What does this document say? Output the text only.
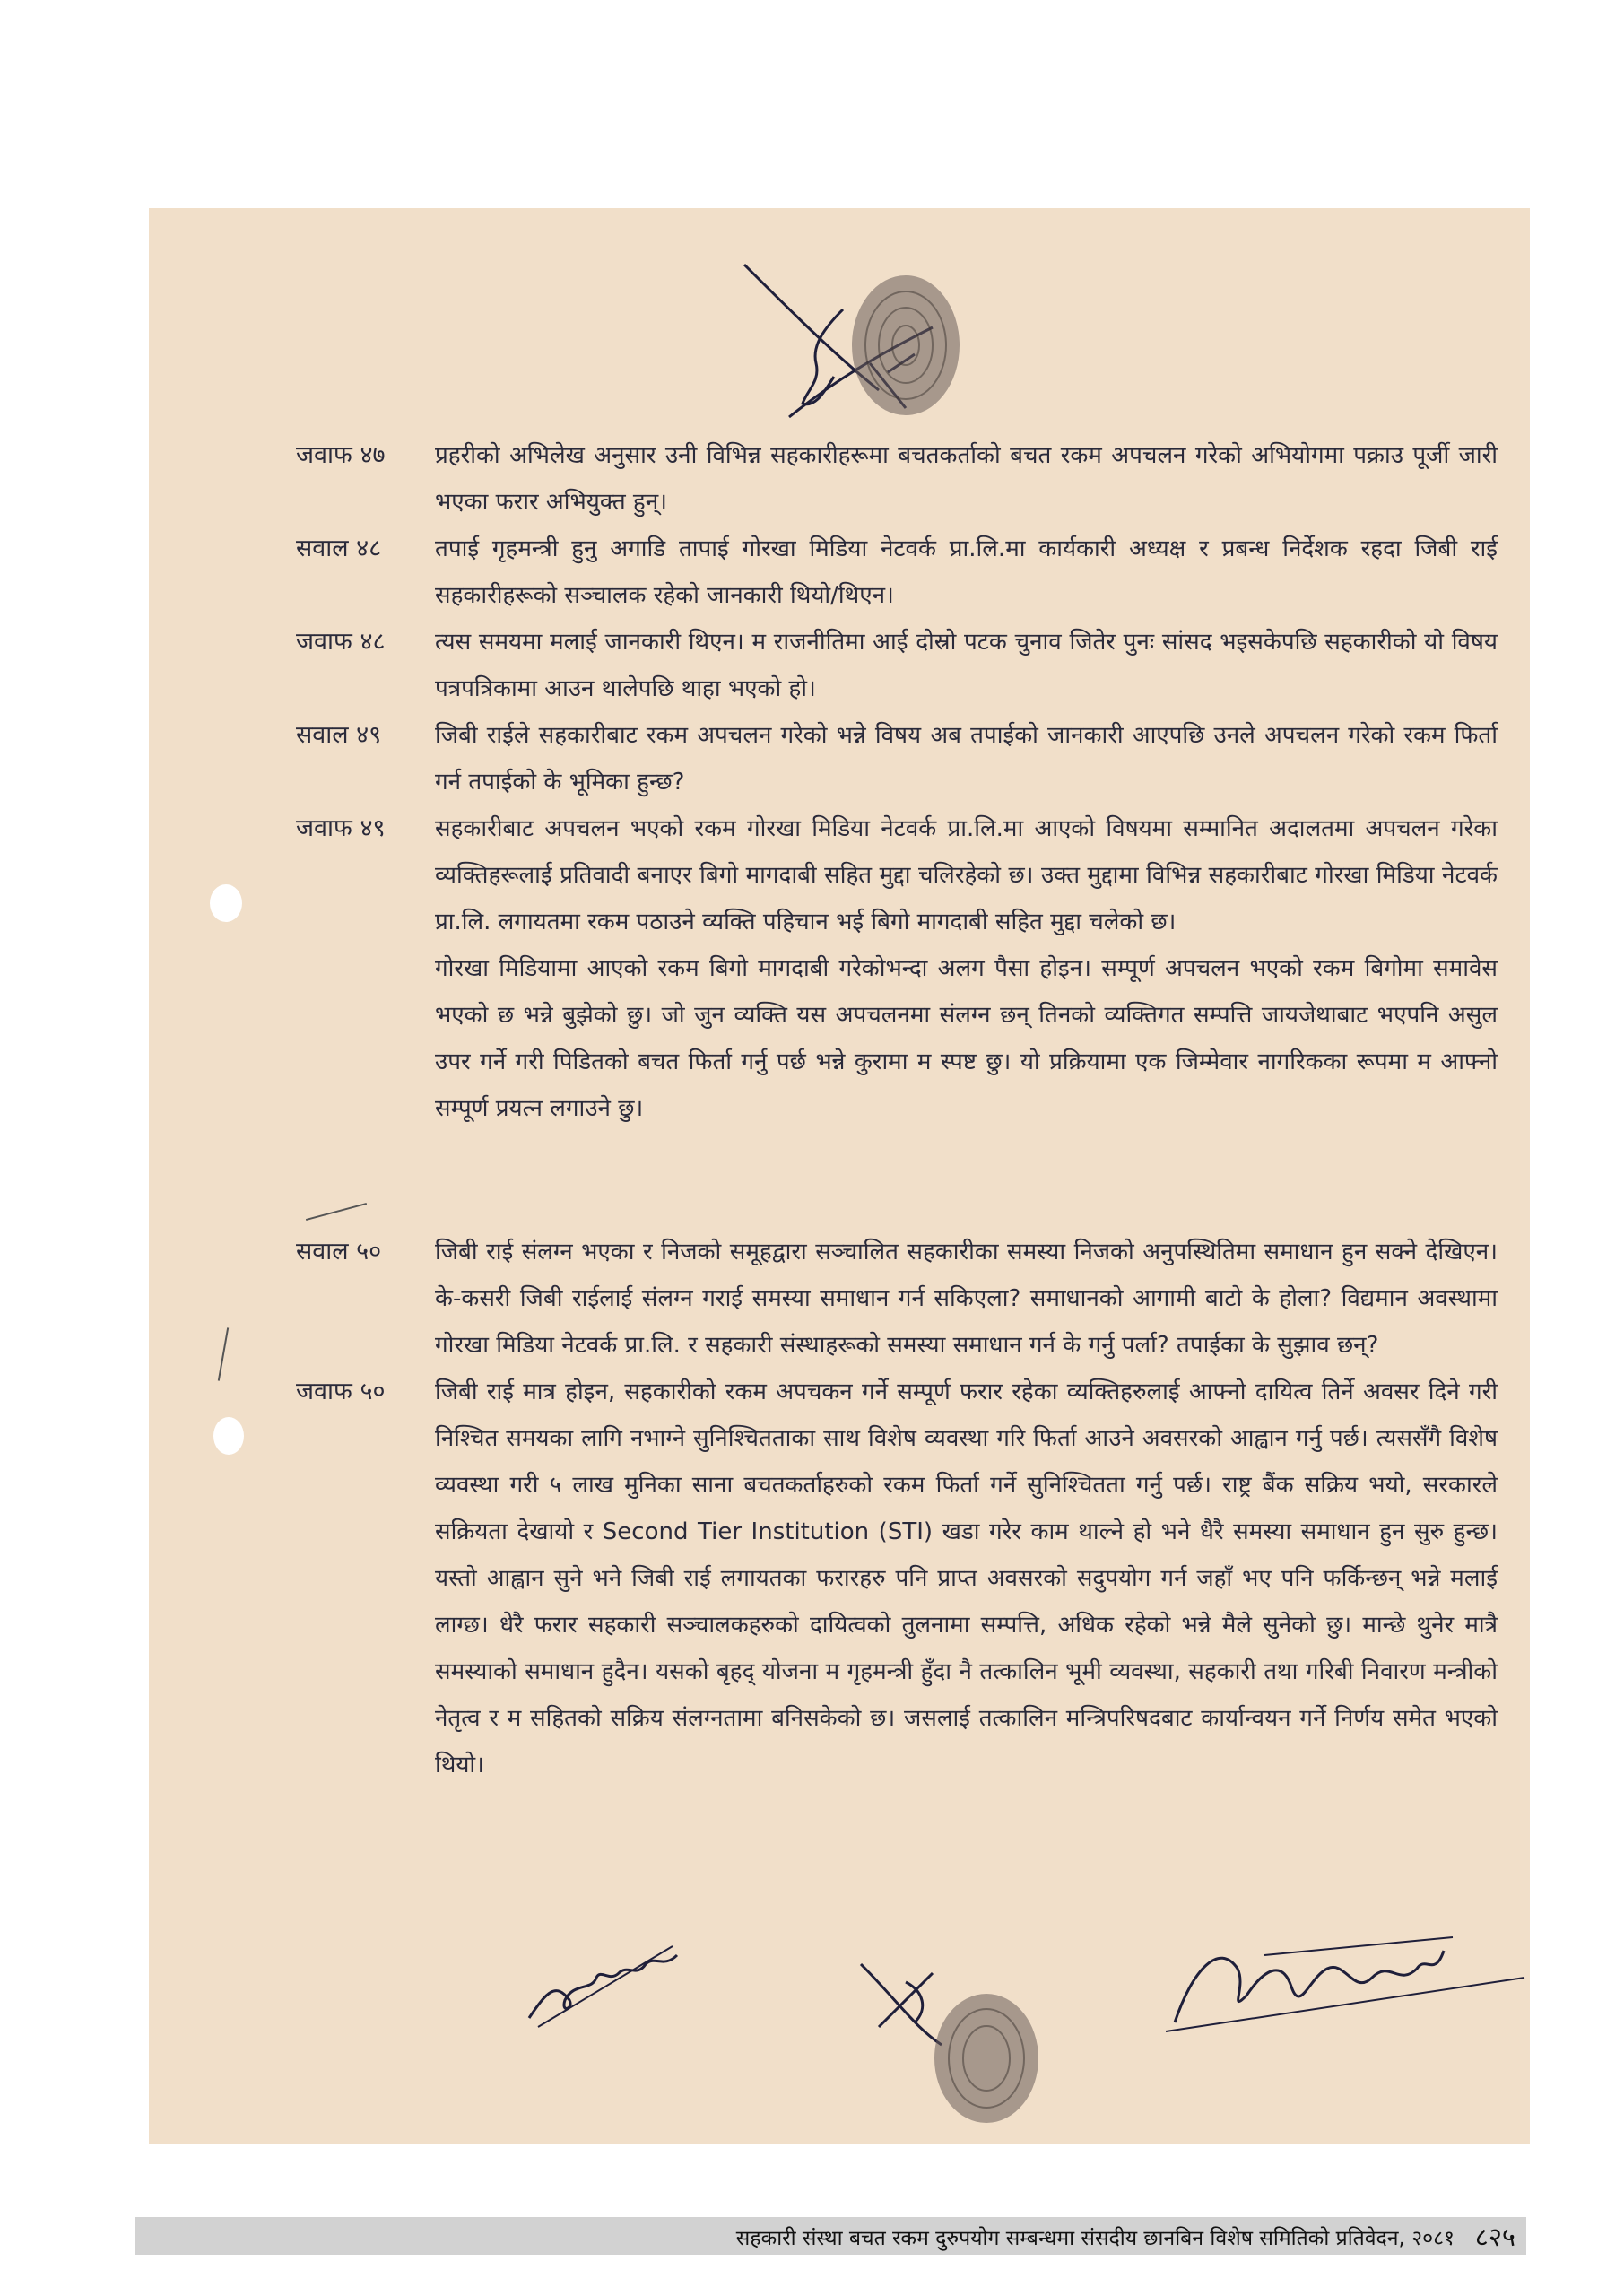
जवाफ ४७	प्रहरीको अभिलेख अनुसार उनी विभिन्न सहकारीहरूमा बचतकर्ताको बचत रकम अपचलन गरेको अभियोगमा पक्राउ पूर्जी जारी भएका फरार अभियुक्त हुन्।
सवाल ४८	तपाई गृहमन्त्री हुनु अगाडि तापाई गोरखा मिडिया नेटवर्क प्रा.लि.मा कार्यकारी अध्यक्ष र प्रबन्ध निर्देशक रहदा जिबी राई सहकारीहरूको सञ्चालक रहेको जानकारी थियो/थिएन।
जवाफ ४८	त्यस समयमा मलाई जानकारी थिएन। म राजनीतिमा आई दोस्रो पटक चुनाव जितेर पुनः सांसद भइसकेपछि सहकारीको यो विषय पत्रपत्रिकामा आउन थालेपछि थाहा भएको हो।
सवाल ४९	जिबी राईले सहकारीबाट रकम अपचलन गरेको भन्ने विषय अब तपाईको जानकारी आएपछि उनले अपचलन गरेको रकम फिर्ता गर्न तपाईको के भूमिका हुन्छ?
जवाफ ४९	सहकारीबाट अपचलन भएको रकम गोरखा मिडिया नेटवर्क प्रा.लि.मा आएको विषयमा सम्मानित अदालतमा अपचलन गरेका व्यक्तिहरूलाई प्रतिवादी बनाएर बिगो मागदाबी सहित मुद्दा चलिरहेको छ। उक्त मुद्दामा विभिन्न सहकारीबाट गोरखा मिडिया नेटवर्क प्रा.लि. लगायतमा रकम पठाउने व्यक्ति पहिचान भई बिगो मागदाबी सहित मुद्दा चलेको छ।
गोरखा मिडियामा आएको रकम बिगो मागदाबी गरेकोभन्दा अलग पैसा होइन। सम्पूर्ण अपचलन भएको रकम बिगोमा समावेस भएको छ भन्ने बुझेको छु। जो जुन व्यक्ति यस अपचलनमा संलग्न छन् तिनको व्यक्तिगत सम्पत्ति जायजेथाबाट भएपनि असुल उपर गर्ने गरी पिडितको बचत फिर्ता गर्नु पर्छ भन्ने कुरामा म स्पष्ट छु। यो प्रक्रियामा एक जिम्मेवार नागरिकका रूपमा म आफ्नो सम्पूर्ण प्रयत्न लगाउने छु।
सवाल ५०	जिबी राई संलग्न भएका र निजको समूहद्वारा सञ्चालित सहकारीका समस्या निजको अनुपस्थितिमा समाधान हुन सक्ने देखिएन। के-कसरी जिबी राईलाई संलग्न गराई समस्या समाधान गर्न सकिएला? समाधानको आगामी बाटो के होला? विद्यमान अवस्थामा गोरखा मिडिया नेटवर्क प्रा.लि. र सहकारी संस्थाहरूको समस्या समाधान गर्न के गर्नु पर्ला? तपाईका के सुझाव छन्?
जवाफ ५०	जिबी राई मात्र होइन, सहकारीको रकम अपचकन गर्ने सम्पूर्ण फरार रहेका व्यक्तिहरुलाई आफ्नो दायित्व तिर्ने अवसर दिने गरी निश्चित समयका लागि नभाग्ने सुनिश्चितताका साथ विशेष व्यवस्था गरि फिर्ता आउने अवसरको आह्वान गर्नु पर्छ। त्यससँगै विशेष व्यवस्था गरी ५ लाख मुनिका साना बचतकर्ताहरुको रकम फिर्ता गर्ने सुनिश्चितता गर्नु पर्छ। राष्ट्र बैंक सक्रिय भयो, सरकारले सक्रियता देखायो र Second Tier Institution (STI) खडा गरेर काम थाल्ने हो भने धैरै समस्या समाधान हुन सुरु हुन्छ। यस्तो आह्वान सुने भने जिबी राई लगायतका फरारहरु पनि प्राप्त अवसरको सदुपयोग गर्न जहाँ भए पनि फर्किन्छन् भन्ने मलाई लाग्छ। धेरै फरार सहकारी सञ्चालकहरुको दायित्वको तुलनामा सम्पत्ति, अधिक रहेको भन्ने मैले सुनेको छु। मान्छे थुनेर मात्रै समस्याको समाधान हुदैन। यसको बृहद् योजना म गृहमन्त्री हुँदा नै तत्कालिन भूमी व्यवस्था, सहकारी तथा गरिबी निवारण मन्त्रीको नेतृत्व र म सहितको सक्रिय संलग्नतामा बनिसकेको छ। जसलाई तत्कालिन मन्त्रिपरिषदबाट कार्यान्वयन गर्ने निर्णय समेत भएको थियो।
सहकारी संस्था बचत रकम दुरुपयोग सम्बन्धमा संसदीय छानबिन विशेष समितिको प्रतिवेदन, २०८१ ८२५
